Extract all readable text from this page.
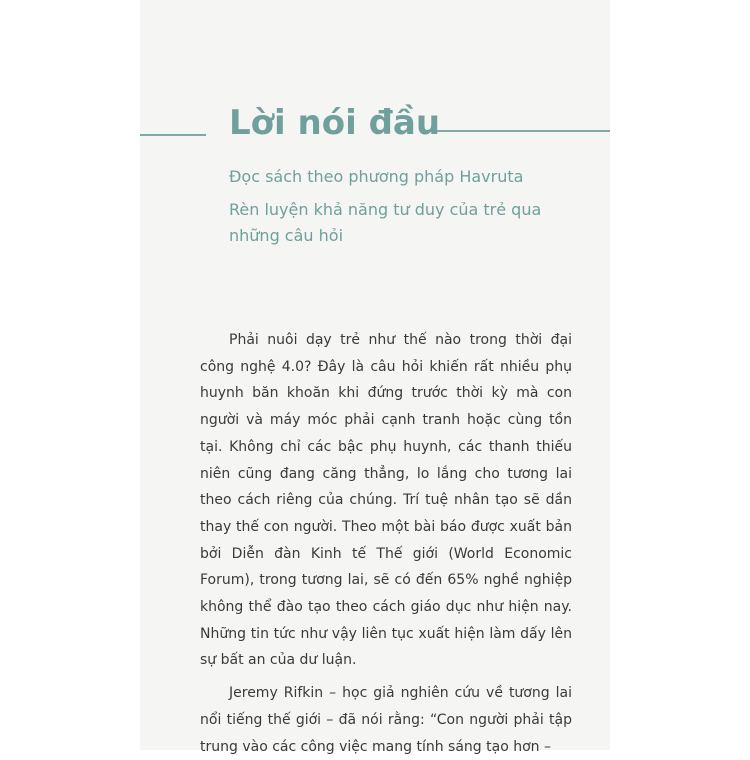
Lời nói đầu
Đọc sách theo phương pháp Havruta
Rèn luyện khả năng tư duy của trẻ qua những câu hỏi

Phải nuôi dạy trẻ như thế nào trong thời đại công nghệ 4.0? Đây là câu hỏi khiến rất nhiều phụ huynh băn khoăn khi đứng trước thời kỳ mà con người và máy móc phải cạnh tranh hoặc cùng tồn tại. Không chỉ các bậc phụ huynh, các thanh thiếu niên cũng đang căng thẳng, lo lắng cho tương lai theo cách riêng của chúng. Trí tuệ nhân tạo sẽ dần thay thế con người. Theo một bài báo được xuất bản bởi Diễn đàn Kinh tế Thế giới (World Economic Forum), trong tương lai, sẽ có đến 65% nghề nghiệp không thể đào tạo theo cách giáo dục như hiện nay. Những tin tức như vậy liên tục xuất hiện làm dấy lên sự bất an của dư luận.

Jeremy Rifkin – học giả nghiên cứu về tương lai nổi tiếng thế giới – đã nói rằng: “Con người phải tập trung vào các công việc mang tính sáng tạo hơn –
